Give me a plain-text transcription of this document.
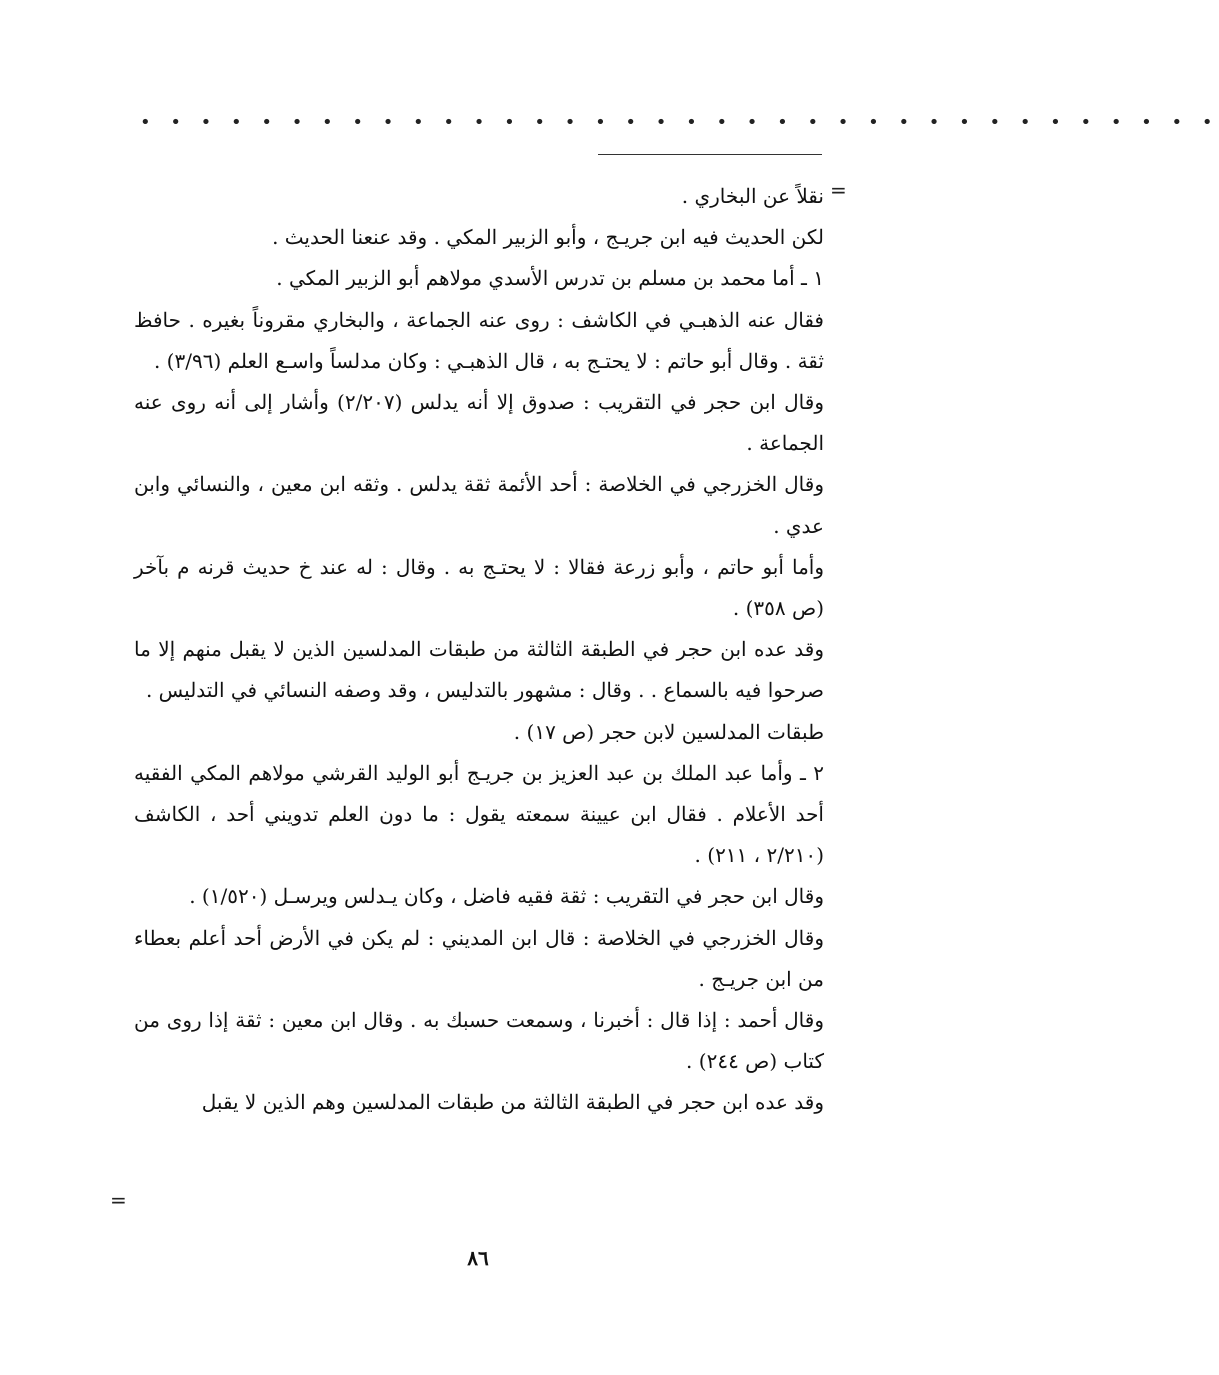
• • • • • • • • • • • • • • • • • • • • • • • • • • • • • • • • • • • •
=

نقلاً عن البخاري .

لكن الحديث فيه ابن جريـج ، وأبو الزبير المكي . وقد عنعنا الحديث .

١ ـ أما محمد بن مسلم بن تدرس الأسدي مولاهم أبو الزبير المكي .

فقال عنه الذهبـي في الكاشف : روى عنه الجماعة ، والبخاري مقروناً بغيره . حافظ ثقة . وقال أبو حاتم : لا يحتـج به ، قال الذهبـي : وكان مدلساً واسـع العلم (٣/٩٦) .

وقال ابن حجر في التقريب : صدوق إلا أنه يدلس (٢/٢٠٧) وأشار إلى أنه روى عنه الجماعة .

وقال الخزرجي في الخلاصة : أحد الأئمة ثقة يدلس . وثقه ابن معين ، والنسائي وابن عدي .

وأما أبو حاتم ، وأبو زرعة فقالا : لا يحتـج به . وقال : له عند خ حديث قرنه م بآخر (ص ٣٥٨) .

وقد عده ابن حجر في الطبقة الثالثة من طبقات المدلسين الذين لا يقبل منهم إلا ما صرحوا فيه بالسماع . . وقال : مشهور بالتدليس ، وقد وصفه النسائي في التدليس .

طبقات المدلسين لابن حجر (ص ١٧) .

٢ ـ وأما عبد الملك بن عبد العزيز بن جريـج أبو الوليد القرشي مولاهم المكي الفقيه أحد الأعلام . فقال ابن عيينة سمعته يقول : ما دون العلم تدويني أحد ، الكاشف (٢/٢١٠ ، ٢١١) .

وقال ابن حجر في التقريب : ثقة فقيه فاضل ، وكان يـدلس ويرسـل (١/٥٢٠) .

وقال الخزرجي في الخلاصة : قال ابن المديني : لم يكن في الأرض أحد أعلم بعطاء من ابن جريـج .

وقال أحمد : إذا قال : أخبرنا ، وسمعت حسبك به . وقال ابن معين : ثقة إذا روى من كتاب (ص ٢٤٤) .

وقد عده ابن حجر في الطبقة الثالثة من طبقات المدلسين وهم الذين لا يقبل

=
٨٦
